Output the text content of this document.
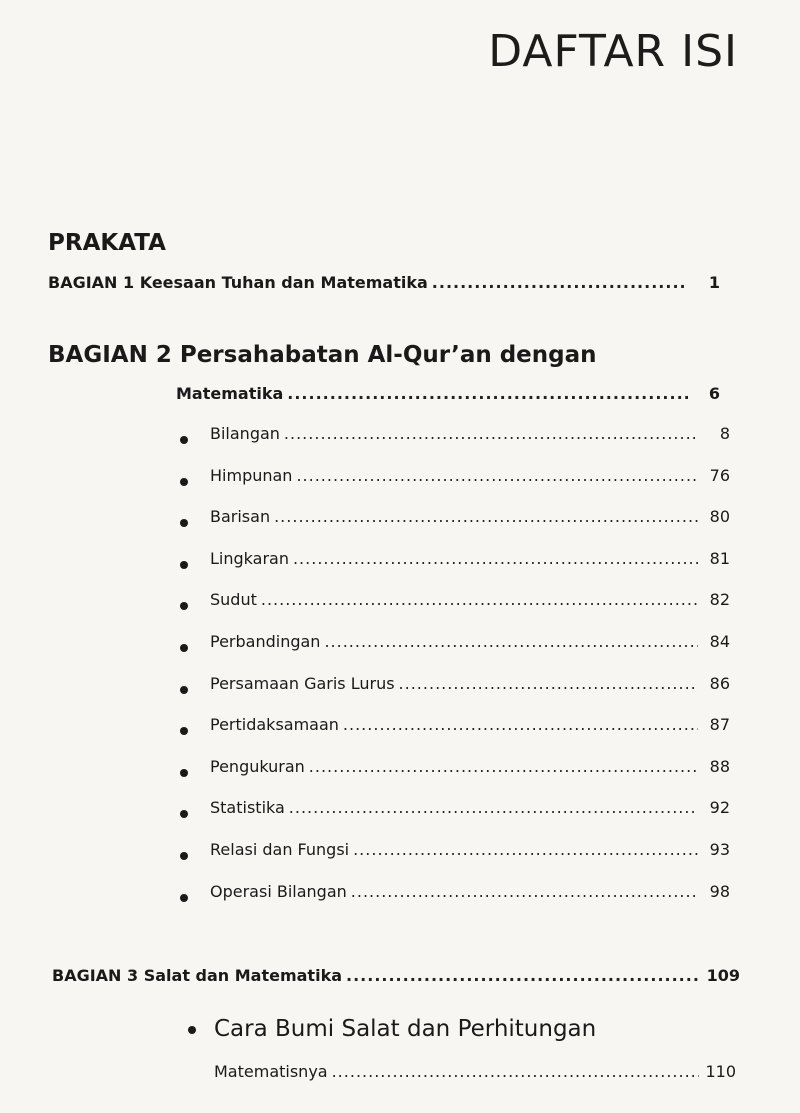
DAFTAR ISI
PRAKATA
BAGIAN 1 Keesaan Tuhan dan Matematika .....	1
BAGIAN 2 Persahabatan Al-Qur’an dengan
Matematika .....	6
Bilangan .....	8
Himpunan .....	76
Barisan .....	80
Lingkaran .....	81
Sudut .....	82
Perbandingan .....	84
Persamaan Garis Lurus .....	86
Pertidaksamaan .....	87
Pengukuran .....	88
Statistika .....	92
Relasi dan Fungsi .....	93
Operasi Bilangan .....	98
BAGIAN 3 Salat dan Matematika .....	109
Cara Bumi Salat dan Perhitungan
Matematisnya .....	110
